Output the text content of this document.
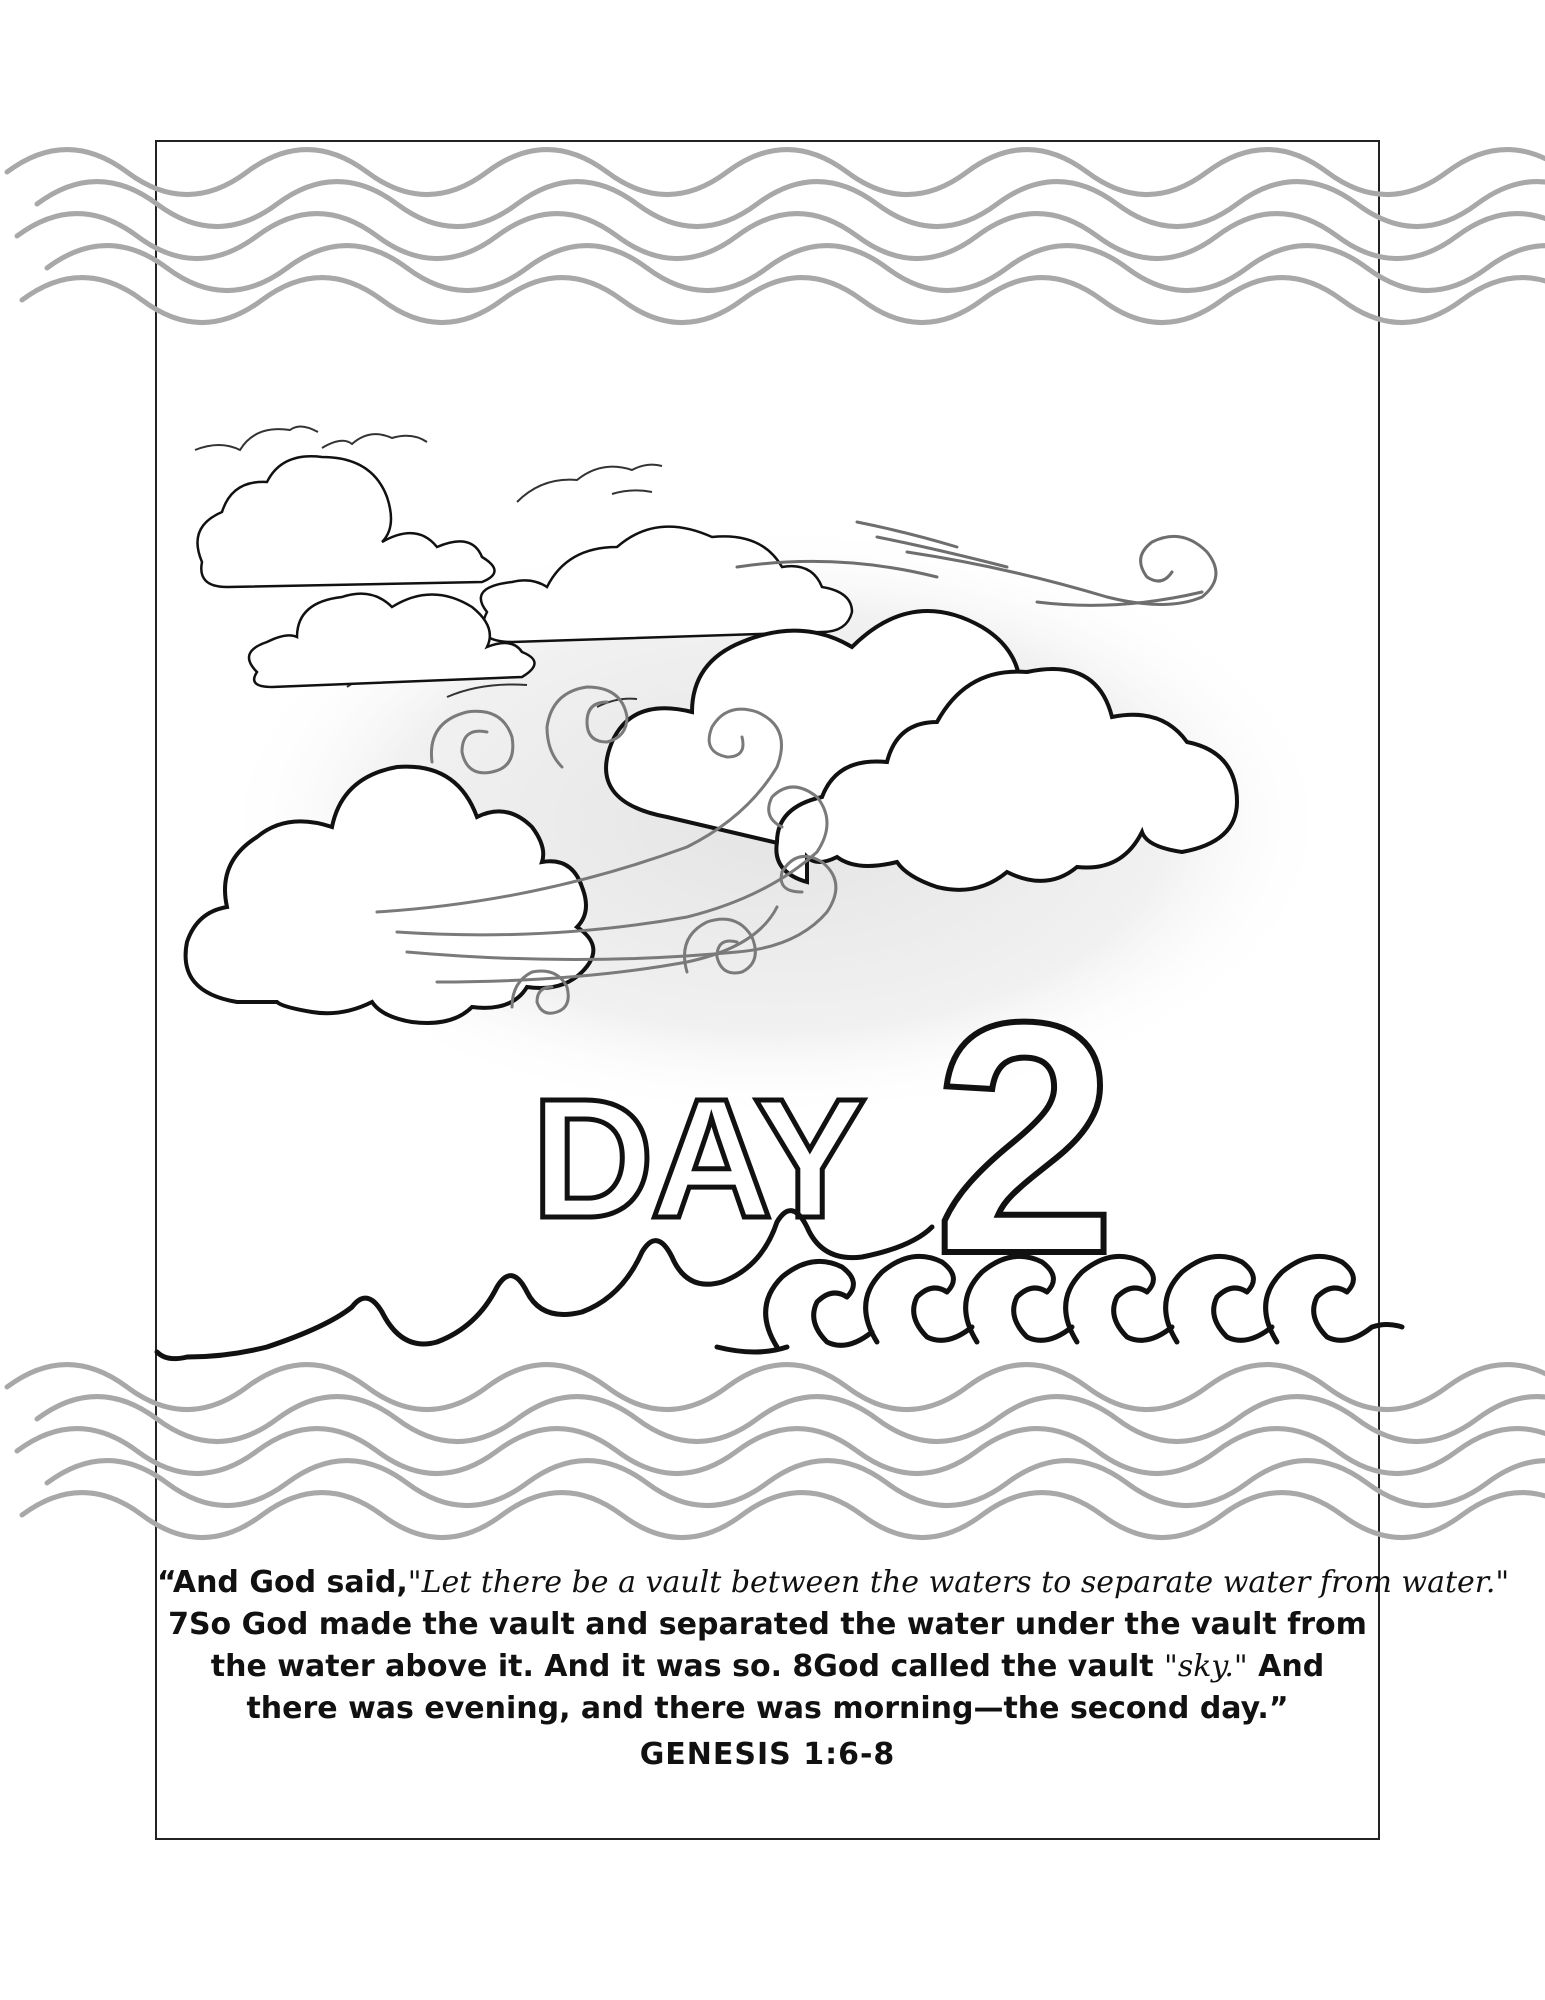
DAY 2
“And God said,"Let there be a vault between the waters to separate water from water."
7So God made the vault and separated the water under the vault from
the water above it. And it was so. 8God called the vault "sky." And
there was evening, and there was morning—the second day.”
GENESIS 1:6-8
